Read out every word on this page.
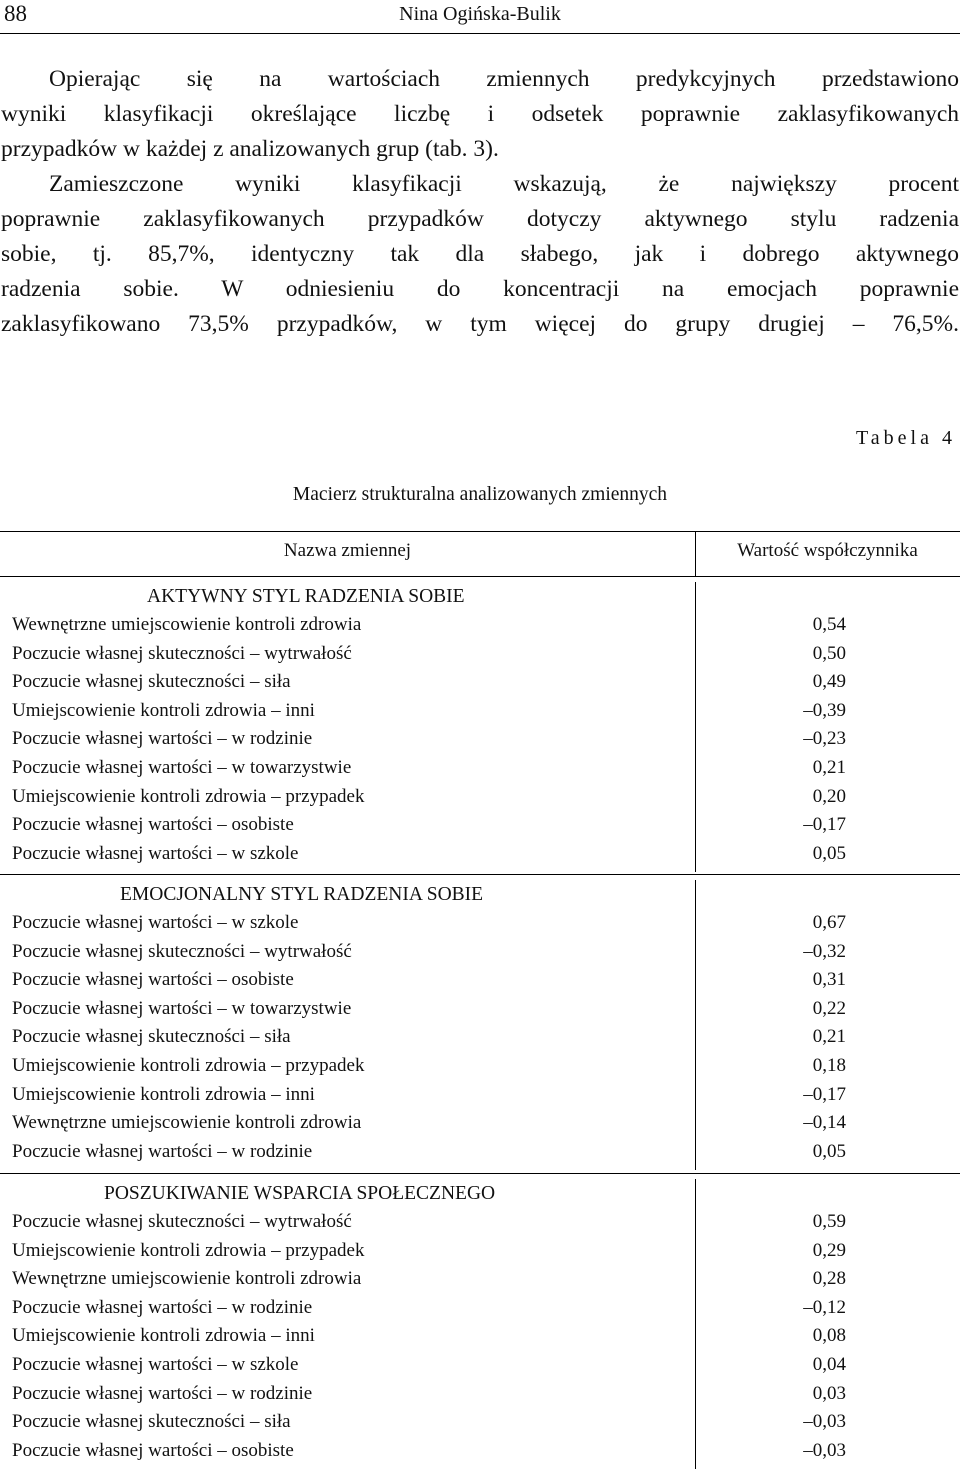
88	Nina Ogińska-Bulik
Opierając się na wartościach zmiennych predykcyjnych przedstawiono
wyniki klasyfikacji określające liczbę i odsetek poprawnie zaklasyfikowanych
przypadków w każdej z analizowanych grup (tab. 3).
Zamieszczone wyniki klasyfikacji wskazują, że największy procent
poprawnie zaklasyfikowanych przypadków dotyczy aktywnego stylu radzenia
sobie, tj. 85,7%, identyczny tak dla słabego, jak i dobrego aktywnego
radzenia sobie. W odniesieniu do koncentracji na emocjach poprawnie
zaklasyfikowano 73,5% przypadków, w tym więcej do grupy drugiej – 76,5%.
Tabela 4
Macierz strukturalna analizowanych zmiennych
Nazwa zmiennej	Wartość współczynnika
AKTYWNY STYL RADZENIA SOBIE
Wewnętrzne umiejscowienie kontroli zdrowia	0,54
Poczucie własnej skuteczności – wytrwałość	0,50
Poczucie własnej skuteczności – siła	0,49
Umiejscowienie kontroli zdrowia – inni	–0,39
Poczucie własnej wartości – w rodzinie	–0,23
Poczucie własnej wartości – w towarzystwie	0,21
Umiejscowienie kontroli zdrowia – przypadek	0,20
Poczucie własnej wartości – osobiste	–0,17
Poczucie własnej wartości – w szkole	0,05
EMOCJONALNY STYL RADZENIA SOBIE
Poczucie własnej wartości – w szkole	0,67
Poczucie własnej skuteczności – wytrwałość	–0,32
Poczucie własnej wartości – osobiste	0,31
Poczucie własnej wartości – w towarzystwie	0,22
Poczucie własnej skuteczności – siła	0,21
Umiejscowienie kontroli zdrowia – przypadek	0,18
Umiejscowienie kontroli zdrowia – inni	–0,17
Wewnętrzne umiejscowienie kontroli zdrowia	–0,14
Poczucie własnej wartości – w rodzinie	0,05
POSZUKIWANIE WSPARCIA SPOŁECZNEGO
Poczucie własnej skuteczności – wytrwałość	0,59
Umiejscowienie kontroli zdrowia – przypadek	0,29
Wewnętrzne umiejscowienie kontroli zdrowia	0,28
Poczucie własnej wartości – w rodzinie	–0,12
Umiejscowienie kontroli zdrowia – inni	0,08
Poczucie własnej wartości – w szkole	0,04
Poczucie własnej wartości – w rodzinie	0,03
Poczucie własnej skuteczności – siła	–0,03
Poczucie własnej wartości – osobiste	–0,03
